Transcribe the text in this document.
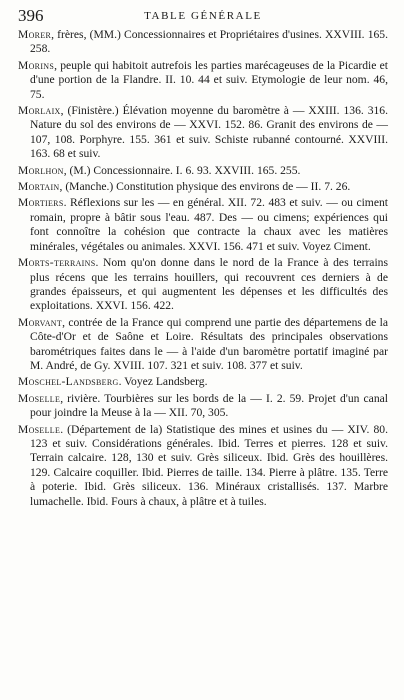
396	TABLE GÉNÉRALE

Morer, frères, (MM.) Concessionnaires et Propriétaires d'usines. XXVIII. 165. 258.

Morins, peuple qui habitoit autrefois les parties marécageuses de la Picardie et d'une portion de la Flandre. II. 10. 44 et suiv. Etymologie de leur nom. 46, 75.

Morlaix, (Finistère.) Élévation moyenne du baromètre à — XXIII. 136. 316. Nature du sol des environs de — XXVI. 152. 86. Granit des environs de — 107, 108. Porphyre. 155. 361 et suiv. Schiste rubanné contourné. XXVIII. 163. 68 et suiv.

Morlhon, (M.) Concessionnaire. I. 6. 93. XXVIII. 165. 255.

Mortain, (Manche.) Constitution physique des environs de — II. 7. 26.

Mortiers. Réflexions sur les — en général. XII. 72. 483 et suiv. — ou ciment romain, propre à bâtir sous l'eau. 487. Des — ou cimens; expériences qui font connoître la cohésion que contracte la chaux avec les matières minérales, végétales ou animales. XXVI. 156. 471 et suiv. Voyez Ciment.

Morts-terrains. Nom qu'on donne dans le nord de la France à des terrains plus récens que les terrains houillers, qui recouvrent ces derniers à de grandes épaisseurs, et qui augmentent les dépenses et les difficultés des exploitations. XXVI. 156. 422.

Morvant, contrée de la France qui comprend une partie des départemens de la Côte-d'Or et de Saône et Loire. Résultats des principales observations barométriques faites dans le — à l'aide d'un baromètre portatif imaginé par M. André, de Gy. XVIII. 107. 321 et suiv. 108. 377 et suiv.

Moschel-Landsberg. Voyez Landsberg.

Moselle, rivière. Tourbières sur les bords de la — I. 2. 59. Projet d'un canal pour joindre la Meuse à la — XII. 70, 305.

Moselle. (Département de la) Statistique des mines et usines du — XIV. 80. 123 et suiv. Considérations générales. Ibid. Terres et pierres. 128 et suiv. Terrain calcaire. 128, 130 et suiv. Grès siliceux. Ibid. Grès des houillères. 129. Calcaire coquiller. Ibid. Pierres de taille. 134. Pierre à plâtre. 135. Terre à poterie. Ibid. Grès siliceux. 136. Minéraux cristallisés. 137. Marbre lumachelle. Ibid. Fours à chaux, à plâtre et à tuiles.
